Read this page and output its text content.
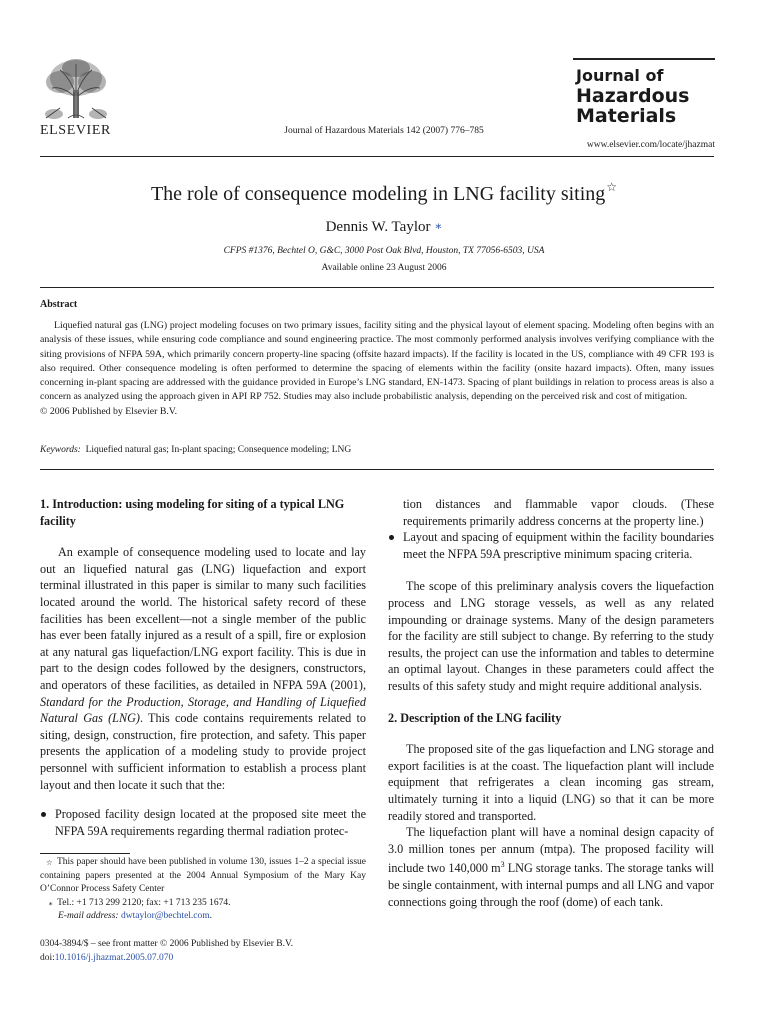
ELSEVIER	Journal of Hazardous Materials 142 (2007) 776–785
Journal of
Hazardous
Materials
www.elsevier.com/locate/jhazmat
The role of consequence modeling in LNG facility siting☆
Dennis W. Taylor ∗
CFPS #1376, Bechtel O, G&C, 3000 Post Oak Blvd, Houston, TX 77056-6503, USA
Available online 23 August 2006
Abstract

Liquefied natural gas (LNG) project modeling focuses on two primary issues, facility siting and the physical layout of element spacing. Modeling often begins with an analysis of these issues, while ensuring code compliance and sound engineering practice. The most commonly performed analysis involves verifying compliance with the siting provisions of NFPA 59A, which primarily concern property-line spacing (offsite hazard impacts). If the facility is located in the US, compliance with 49 CFR 193 is also required. Other consequence modeling is often performed to determine the spacing of elements within the facility (onsite hazard impacts). Often, many issues concerning in-plant spacing are addressed with the guidance provided in Europe’s LNG standard, EN-1473. Spacing of plant buildings in relation to process areas is also a concern as analyzed using the approach given in API RP 752. Studies may also include probabilistic analysis, depending on the perceived risk and cost of mitigation.
© 2006 Published by Elsevier B.V.

Keywords: Liquefied natural gas; In-plant spacing; Consequence modeling; LNG
1. Introduction: using modeling for siting of a typical LNG facility

An example of consequence modeling used to locate and lay out an liquefied natural gas (LNG) liquefaction and export terminal illustrated in this paper is similar to many such facilities located around the world. The historical safety record of these facilities has been excellent—not a single member of the public has ever been fatally injured as a result of a spill, fire or explosion at any natural gas liquefaction/LNG export facility. This is due in part to the design codes followed by the designers, constructors, and operators of these facilities, as detailed in NFPA 59A (2001), Standard for the Production, Storage, and Handling of Liquefied Natural Gas (LNG). This code contains requirements related to siting, design, construction, fire protection, and safety. This paper presents the application of a modeling study to provide project personnel with sufficient information to establish a process plant layout and then locate it such that the:

Proposed facility design located at the proposed site meet the NFPA 59A requirements regarding thermal radiation protec-

☆ This paper should have been published in volume 130, issues 1–2 a special issue containing papers presented at the 2004 Annual Symposium of the Mary Kay O’Connor Process Safety Center

∗ Tel.: +1 713 299 2120; fax: +1 713 235 1674.

E-mail address: dwtaylor@bechtel.com.

0304-3894/$ – see front matter © 2006 Published by Elsevier B.V.
doi:10.1016/j.jhazmat.2005.07.070

tion distances and flammable vapor clouds. (These requirements primarily address concerns at the property line.)

Layout and spacing of equipment within the facility boundaries meet the NFPA 59A prescriptive minimum spacing criteria.

The scope of this preliminary analysis covers the liquefaction process and LNG storage vessels, as well as any related impounding or drainage systems. Many of the design parameters for the facility are still subject to change. By referring to the study results, the project can use the information and tables to determine an optimal layout. Changes in these parameters could affect the results of this safety study and might require additional analysis.

2. Description of the LNG facility

The proposed site of the gas liquefaction and LNG storage and export facilities is at the coast. The liquefaction plant will include equipment that refrigerates a clean incoming gas stream, ultimately turning it into a liquid (LNG) so that it can be more readily stored and transported.

The liquefaction plant will have a nominal design capacity of 3.0 million tones per annum (mtpa). The proposed facility will include two 140,000 $m^3$ LNG storage tanks. The storage tanks will be single containment, with internal pumps and all LNG and vapor connections going through the roof (dome) of each tank.
